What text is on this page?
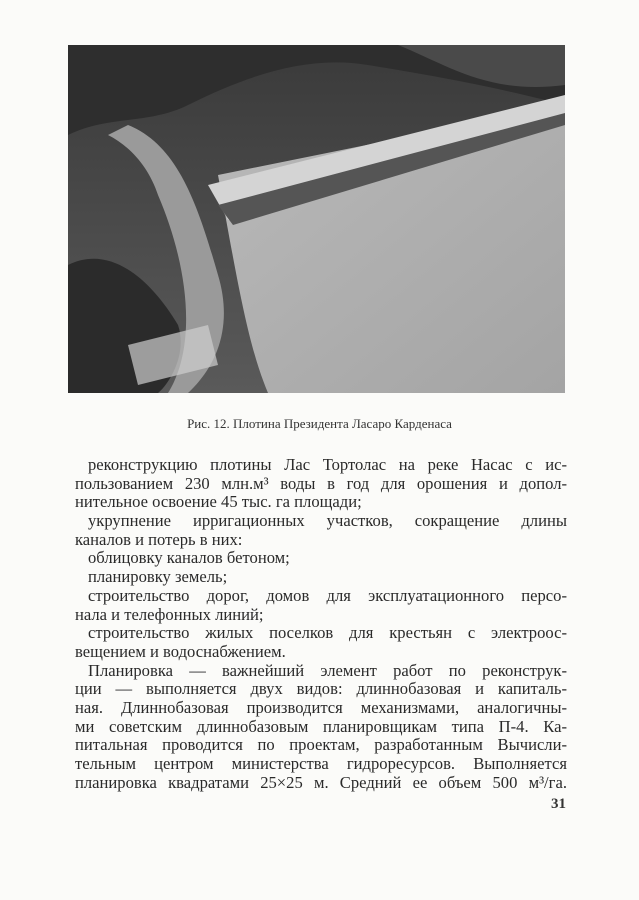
Рис. 12. Плотина Президента Ласаро Карденаса
реконструкцию плотины Лас Тортолас на реке Насас с ис-
пользованием 230 млн.м³ воды в год для орошения и допол-
нительное освоение 45 тыс. га площади;
укрупнение ирригационных участков, сокращение длины
каналов и потерь в них:
облицовку каналов бетоном;
планировку земель;
строительство дорог, домов для эксплуатационного персо-
нала и телефонных линий;
строительство жилых поселков для крестьян с электроос-
вещением и водоснабжением.
Планировка — важнейший элемент работ по реконструк-
ции — выполняется двух видов: длиннобазовая и капиталь-
ная. Длиннобазовая производится механизмами, аналогичны-
ми советским длиннобазовым планировщикам типа П-4. Ка-
питальная проводится по проектам, разработанным Вычисли-
тельным центром министерства гидроресурсов. Выполняется
планировка квадратами 25×25 м. Средний ее объем 500 м³/га.
31
